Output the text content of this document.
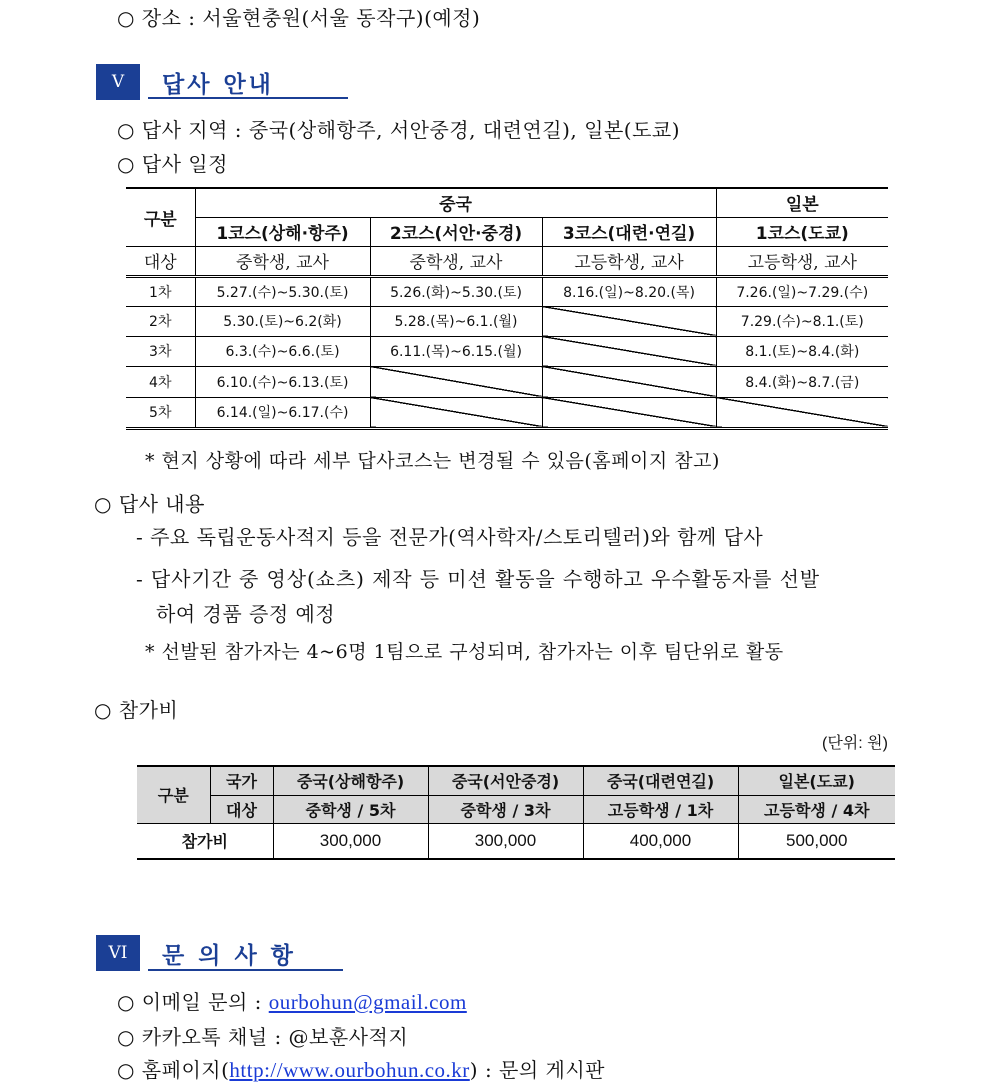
○ 장소 : 서울현충원(서울 동작구)(예정)
V	답사 안내
○ 답사 지역 : 중국(상해항주, 서안중경, 대련연길), 일본(도쿄)
○ 답사 일정
구분	중국			일본
	1코스(상해·항주)	2코스(서안·중경)	3코스(대련·연길)	1코스(도쿄)
대상	중학생, 교사	중학생, 교사	고등학생, 교사	고등학생, 교사
1차	5.27.(수)~5.30.(토)	5.26.(화)~5.30.(토)	8.16.(일)~8.20.(목)	7.26.(일)~7.29.(수)
2차	5.30.(토)~6.2(화)	5.28.(목)~6.1.(월)		7.29.(수)~8.1.(토)
3차	6.3.(수)~6.6.(토)	6.11.(목)~6.15.(월)		8.1.(토)~8.4.(화)
4차	6.10.(수)~6.13.(토)			8.4.(화)~8.7.(금)
5차	6.14.(일)~6.17.(수)			
* 현지 상황에 따라 세부 답사코스는 변경될 수 있음(홈페이지 참고)
○ 답사 내용
- 주요 독립운동사적지 등을 전문가(역사학자/스토리텔러)와 함께 답사
- 답사기간 중 영상(쇼츠) 제작 등 미션 활동을 수행하고 우수활동자를 선발
하여 경품 증정 예정
* 선발된 참가자는 4~6명 1팀으로 구성되며, 참가자는 이후 팀단위로 활동
○ 참가비
(단위: 원)
구분	국가	중국(상해항주)	중국(서안중경)	중국(대련연길)	일본(도쿄)
	대상	중학생 / 5차	중학생 / 3차	고등학생 / 1차	고등학생 / 4차
참가비		300,000	300,000	400,000	500,000
VI	문 의 사 항
○ 이메일 문의 : ourbohun@gmail.com
○ 카카오톡 채널 : @보훈사적지
○ 홈페이지(http://www.ourbohun.co.kr) : 문의 게시판
